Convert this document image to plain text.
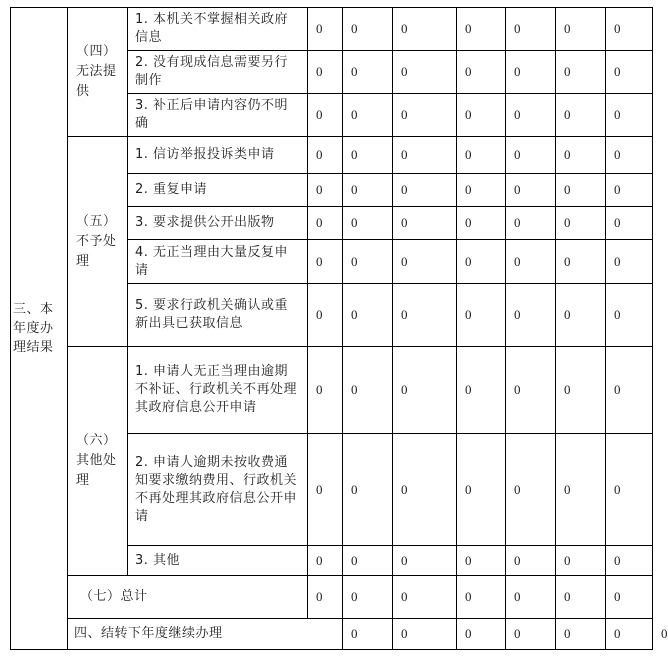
三、本年度办理结果	（四）无法提供	1. 本机关不掌握相关政府信息	0	0	0	0	0	0	0	
		2. 没有现成信息需要另行制作	0	0	0	0	0	0	0	
		3. 补正后申请内容仍不明确	0	0	0	0	0	0	0	
	（五）不予处理	1. 信访举报投诉类申请	0	0	0	0	0	0	0	
		2. 重复申请	0	0	0	0	0	0	0	
		3. 要求提供公开出版物	0	0	0	0	0	0	0	
		4. 无正当理由大量反复申请	0	0	0	0	0	0	0	
		5. 要求行政机关确认或重新出具已获取信息	0	0	0	0	0	0	0	
	（六）其他处理	1. 申请人无正当理由逾期不补证、行政机关不再处理其政府信息公开申请	0	0	0	0	0	0	0	
		2. 申请人逾期未按收费通知要求缴纳费用、行政机关不再处理其政府信息公开申请	0	0	0	0	0	0	0	
		3. 其他	0	0	0	0	0	0	0	
	（七）总计		0	0	0	0	0	0	0	
	四、结转下年度继续办理			0	0	0	0	0	0	0
